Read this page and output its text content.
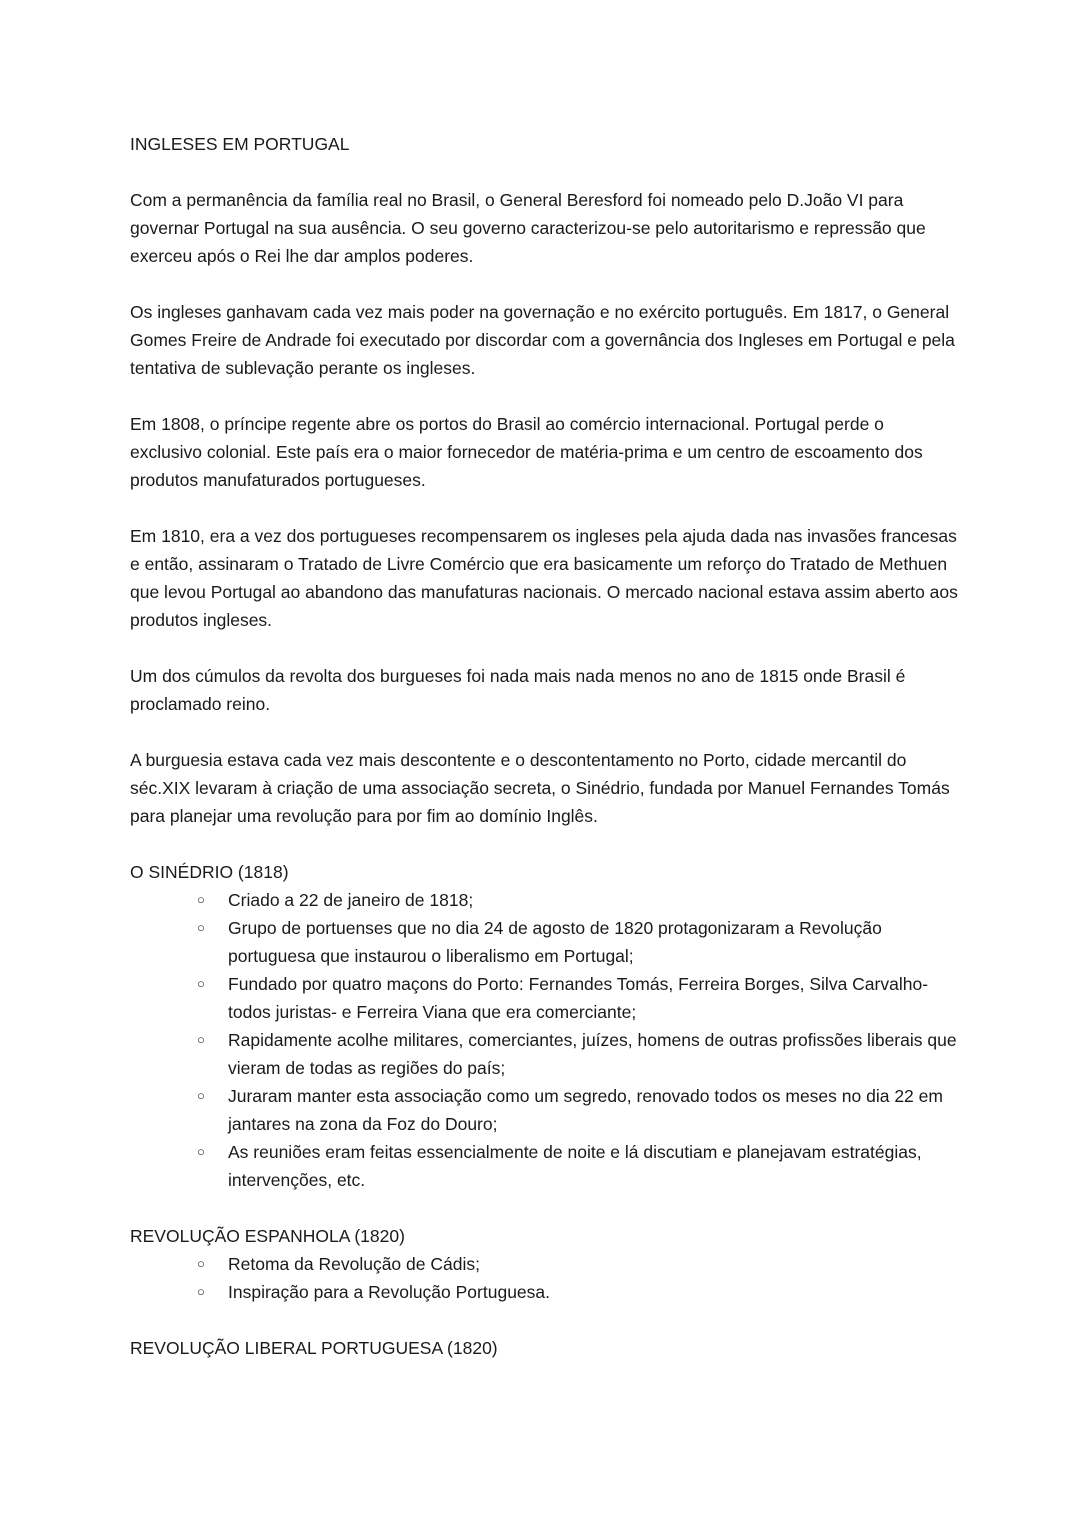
INGLESES EM PORTUGAL

Com a permanência da família real no Brasil, o General Beresford foi nomeado pelo D.João VI para governar Portugal na sua ausência. O seu governo caracterizou-se pelo autoritarismo e repressão que exerceu após o Rei lhe dar amplos poderes.

Os ingleses ganhavam cada vez mais poder na governação e no exército português. Em 1817, o General Gomes Freire de Andrade foi executado por discordar com a governância dos Ingleses em Portugal e pela tentativa de sublevação perante os ingleses.

Em 1808, o príncipe regente abre os portos do Brasil ao comércio internacional. Portugal perde o exclusivo colonial. Este país era o maior fornecedor de matéria-prima e um centro de escoamento dos produtos manufaturados portugueses.

Em 1810, era a vez dos portugueses recompensarem os ingleses pela ajuda dada nas invasões francesas e então, assinaram o Tratado de Livre Comércio que era basicamente um reforço do Tratado de Methuen que levou Portugal ao abandono das manufaturas nacionais. O mercado nacional estava assim aberto aos produtos ingleses.

Um dos cúmulos da revolta dos burgueses foi nada mais nada menos no ano de 1815 onde Brasil é proclamado reino.

A burguesia estava cada vez mais descontente e o descontentamento no Porto, cidade mercantil do séc.XIX levaram à criação de uma associação secreta, o Sinédrio, fundada por Manuel Fernandes Tomás para planejar uma revolução para por fim ao domínio Inglês.

O SINÉDRIO (1818)

○ Criado a 22 de janeiro de 1818;
○ Grupo de portuenses que no dia 24 de agosto de 1820 protagonizaram a Revolução portuguesa que instaurou o liberalismo em Portugal;
○ Fundado por quatro maçons do Porto: Fernandes Tomás, Ferreira Borges, Silva Carvalho- todos juristas- e Ferreira Viana que era comerciante;
○ Rapidamente acolhe militares, comerciantes, juízes, homens de outras profissões liberais que vieram de todas as regiões do país;
○ Juraram manter esta associação como um segredo, renovado todos os meses no dia 22 em jantares na zona da Foz do Douro;
○ As reuniões eram feitas essencialmente de noite e lá discutiam e planejavam estratégias, intervenções, etc.

REVOLUÇÃO ESPANHOLA (1820)

○ Retoma da Revolução de Cádis;
○ Inspiração para a Revolução Portuguesa.

REVOLUÇÃO LIBERAL PORTUGUESA (1820)
